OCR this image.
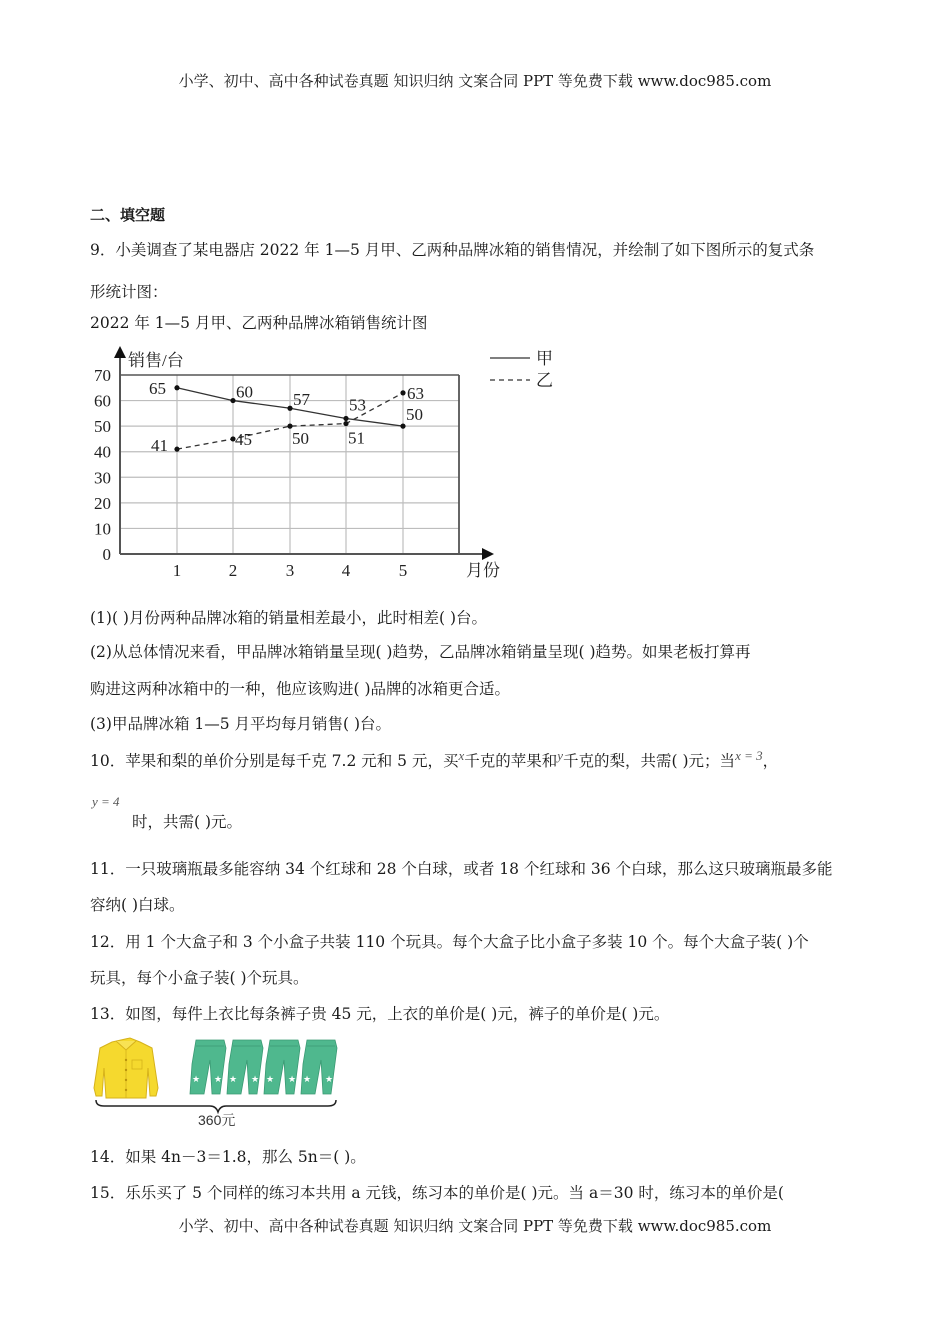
小学、初中、高中各种试卷真题 知识归纳 文案合同 PPT 等免费下载 www.doc985.com
二、填空题
9．小美调查了某电器店 2022 年 1—5 月甲、乙两种品牌冰箱的销售情况，并绘制了如下图所示的复式条
形统计图：
2022 年 1—5 月甲、乙两种品牌冰箱销售统计图
销售/台
月份
0
10
20
30
40
50
60
70
1	2	3	4	5
65	60 57 53
50
41	45 50 51
63
甲
乙
(1)( )月份两种品牌冰箱的销量相差最小，此时相差( )台。
(2)从总体情况来看，甲品牌冰箱销量呈现( )趋势，乙品牌冰箱销量呈现( )趋势。如果老板打算再
购进这两种冰箱中的一种，他应该购进( )品牌的冰箱更合适。
(3)甲品牌冰箱 1—5 月平均每月销售( )台。
10．苹果和梨的单价分别是每千克 7.2 元和 5 元，买$^x$千克的苹果和$^y$千克的梨，共需( )元；当$^{x = 3}$，
y = 4
时，共需( )元。
11．一只玻璃瓶最多能容纳 34 个红球和 28 个白球，或者 18 个红球和 36 个白球，那么这只玻璃瓶最多能
容纳( )白球。
12．用 1 个大盒子和 3 个小盒子共装 110 个玩具。每个大盒子比小盒子多装 10 个。每个大盒子装( )个
玩具，每个小盒子装( )个玩具。
13．如图，每件上衣比每条裤子贵 45 元，上衣的单价是( )元，裤子的单价是( )元。
★ ★ ★ ★ ★ ★ ★ ★
360元
14．如果 4n－3＝1.8，那么 5n＝( )。
15．乐乐买了 5 个同样的练习本共用 a 元钱，练习本的单价是( )元。当 a＝30 时，练习本的单价是(
小学、初中、高中各种试卷真题 知识归纳 文案合同 PPT 等免费下载 www.doc985.com
